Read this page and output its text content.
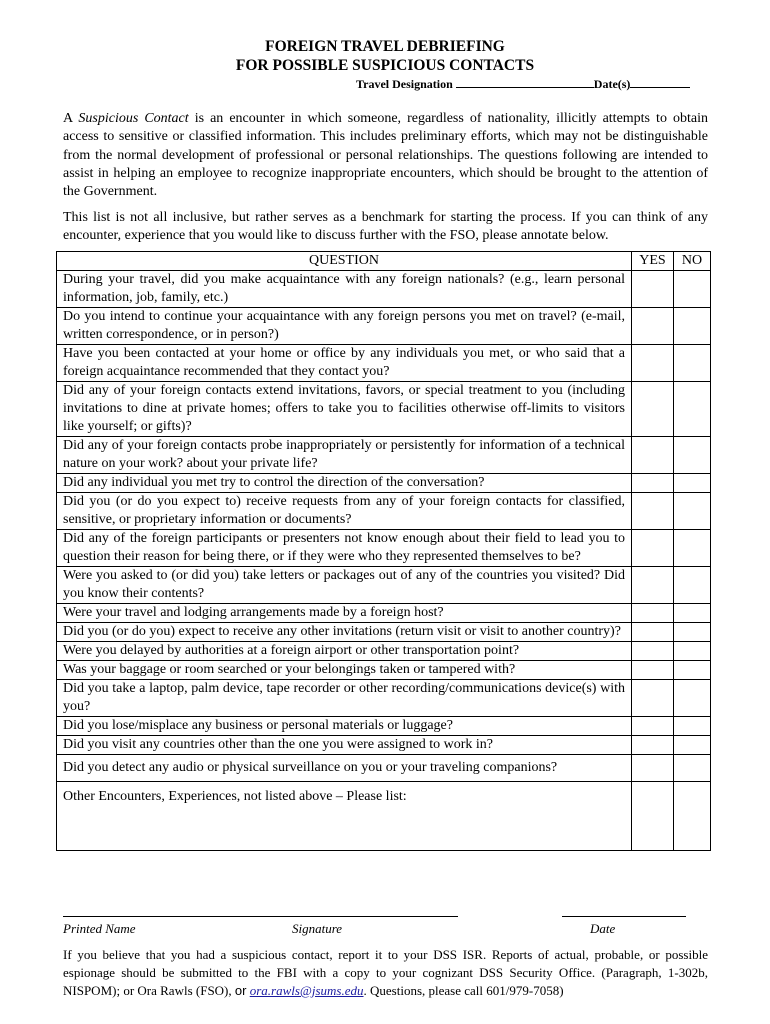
FOREIGN TRAVEL DEBRIEFING
FOR POSSIBLE SUSPICIOUS CONTACTS
Travel Designation	Date(s)
A Suspicious Contact is an encounter in which someone, regardless of nationality, illicitly attempts to obtain access to sensitive or classified information. This includes preliminary efforts, which may not be distinguishable from the normal development of professional or personal relationships. The questions following are intended to assist in helping an employee to recognize inappropriate encounters, which should be brought to the attention of the Government.
This list is not all inclusive, but rather serves as a benchmark for starting the process. If you can think of any encounter, experience that you would like to discuss further with the FSO, please annotate below.
QUESTION	YES	NO
During your travel, did you make acquaintance with any foreign nationals? (e.g., learn personal information, job, family, etc.)		
Do you intend to continue your acquaintance with any foreign persons you met on travel? (e-mail, written correspondence, or in person?)		
Have you been contacted at your home or office by any individuals you met, or who said that a foreign acquaintance recommended that they contact you?		
Did any of your foreign contacts extend invitations, favors, or special treatment to you (including invitations to dine at private homes; offers to take you to facilities otherwise off-limits to visitors like yourself; or gifts)?		
Did any of your foreign contacts probe inappropriately or persistently for information of a technical nature on your work? about your private life?		
Did any individual you met try to control the direction of the conversation?		
Did you (or do you expect to) receive requests from any of your foreign contacts for classified, sensitive, or proprietary information or documents?		
Did any of the foreign participants or presenters not know enough about their field to lead you to question their reason for being there, or if they were who they represented themselves to be?		
Were you asked to (or did you) take letters or packages out of any of the countries you visited? Did you know their contents?		
Were your travel and lodging arrangements made by a foreign host?		
Did you (or do you) expect to receive any other invitations (return visit or visit to another country)?		
Were you delayed by authorities at a foreign airport or other transportation point?		
Was your baggage or room searched or your belongings taken or tampered with?		
Did you take a laptop, palm device, tape recorder or other recording/communications device(s) with you?		
Did you lose/misplace any business or personal materials or luggage?		
Did you visit any countries other than the one you were assigned to work in?		
Did you detect any audio or physical surveillance on you or your traveling companions?		
Other Encounters, Experiences, not listed above – Please list:		
Printed Name	Signature	Date
If you believe that you had a suspicious contact, report it to your DSS ISR. Reports of actual, probable, or possible espionage should be submitted to the FBI with a copy to your cognizant DSS Security Office. (Paragraph, 1-302b, NISPOM); or Ora Rawls (FSO), or ora.rawls@jsums.edu. Questions, please call 601/979-7058)
